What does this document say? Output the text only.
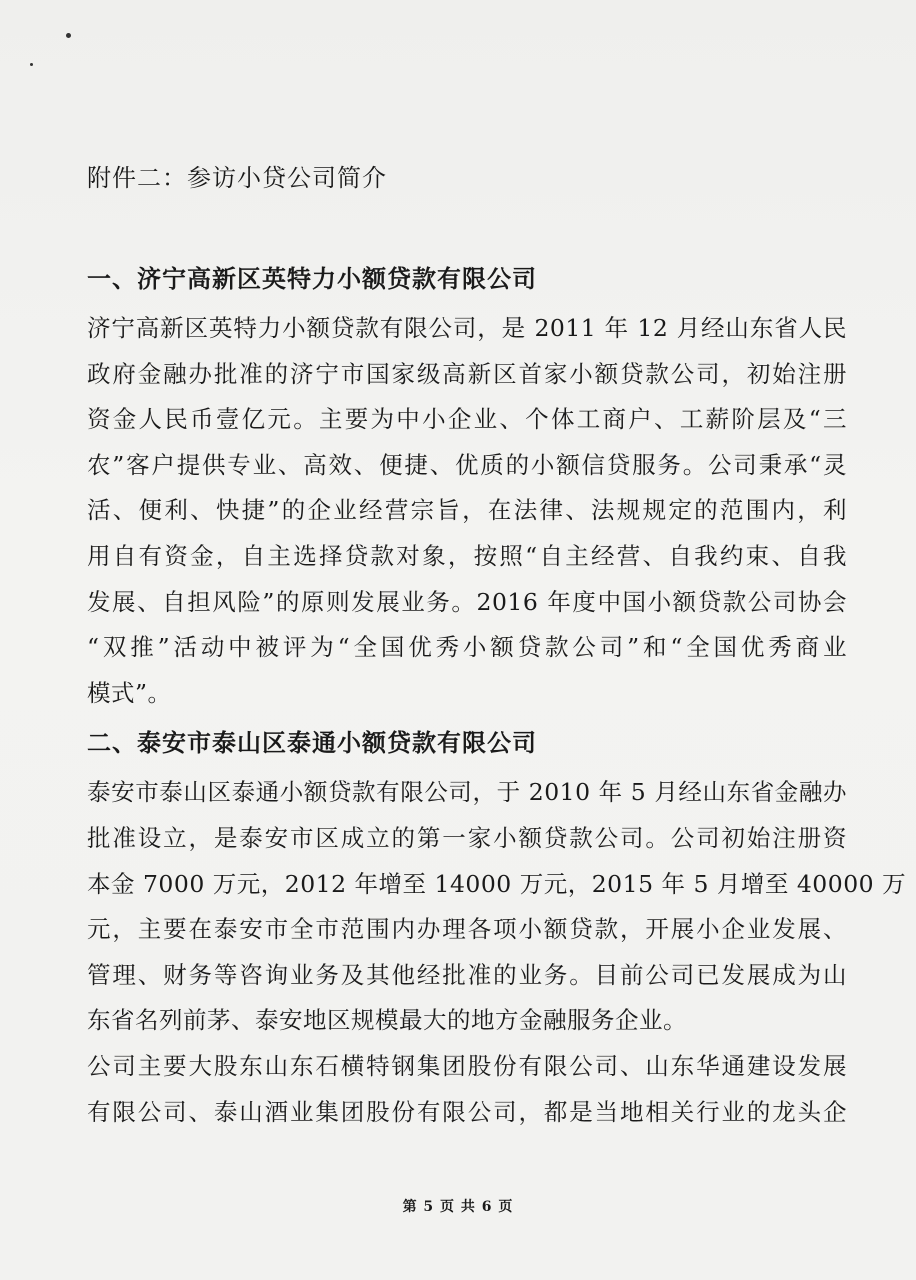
附件二：参访小贷公司简介

一、济宁高新区英特力小额贷款有限公司

济宁高新区英特力小额贷款有限公司，是 2011 年 12 月经山东省人民
政府金融办批准的济宁市国家级高新区首家小额贷款公司，初始注册
资金人民币壹亿元。主要为中小企业、个体工商户、工薪阶层及“三
农”客户提供专业、高效、便捷、优质的小额信贷服务。公司秉承“灵
活、便利、快捷”的企业经营宗旨，在法律、法规规定的范围内，利
用自有资金，自主选择贷款对象，按照“自主经营、自我约束、自我
发展、自担风险”的原则发展业务。2016 年度中国小额贷款公司协会
“双推”活动中被评为“全国优秀小额贷款公司”和“全国优秀商业
模式”。

二、泰安市泰山区泰通小额贷款有限公司

泰安市泰山区泰通小额贷款有限公司，于 2010 年 5 月经山东省金融办
批准设立，是泰安市区成立的第一家小额贷款公司。公司初始注册资
本金 7000 万元，2012 年增至 14000 万元，2015 年 5 月增至 40000 万
元，主要在泰安市全市范围内办理各项小额贷款，开展小企业发展、
管理、财务等咨询业务及其他经批准的业务。目前公司已发展成为山
东省名列前茅、泰安地区规模最大的地方金融服务企业。

公司主要大股东山东石横特钢集团股份有限公司、山东华通建设发展
有限公司、泰山酒业集团股份有限公司，都是当地相关行业的龙头企

第 5 页 共 6 页
